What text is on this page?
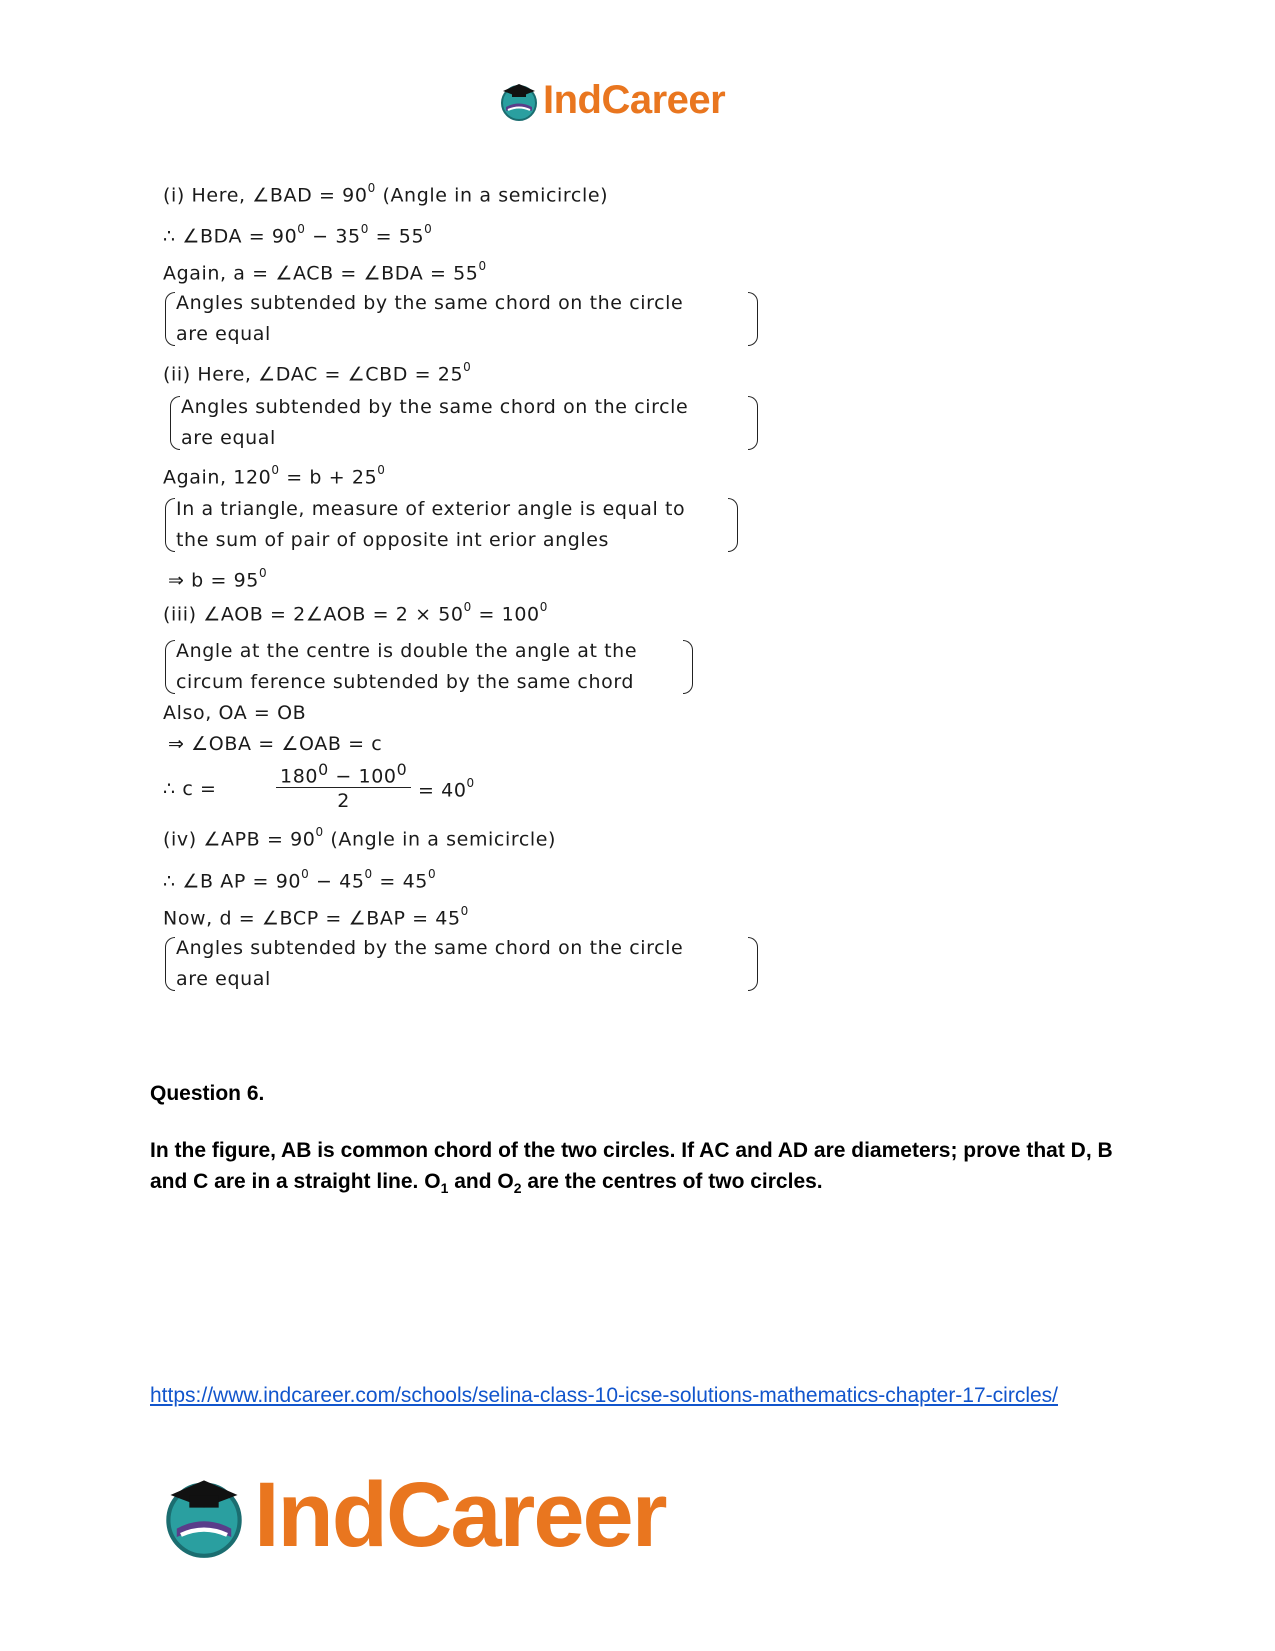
IndCareer
(i) Here, ∠BAD = $90^0$ (Angle in a semicircle)
∴ ∠BDA = $90^0 - 35^0 = 55^0$
Again, a = ∠ACB = ∠BDA = $55^0$
Angles subtended by the same chord on the circle
are equal
(ii) Here, ∠DAC = ∠CBD = $25^0$
Angles subtended by the same chord on the circle
are equal
Again, $120^0 = b + 25^0$
In a triangle, measure of exterior angle is equal to
the sum of pair of opposite int erior angles
⇒ $b = 95^0$
(iii) ∠AOB = 2∠AOB = $2 \times 50^0 = 100^0$
Angle at the centre is double the angle at the
circum ference subtended by the same chord
Also, OA = OB
⇒ ∠OBA = ∠OAB = c
∴ c =	$\frac{180^0 - 100^0}{2} = 40^0$
(iv) ∠APB = $90^0$ (Angle in a semicircle)
∴ ∠B AP = $90^0 - 45^0 = 45^0$
Now, d = ∠BCP = ∠BAP = $45^0$
Angles subtended by the same chord on the circle
are equal
Question 6.
In the figure, AB is common chord of the two circles. If AC and AD are diameters; prove that D, B and C are in a straight line. $O_1$ and $O_2$ are the centres of two circles.
https://www.indcareer.com/schools/selina-class-10-icse-solutions-mathematics-chapter-17-circles/
IndCareer
